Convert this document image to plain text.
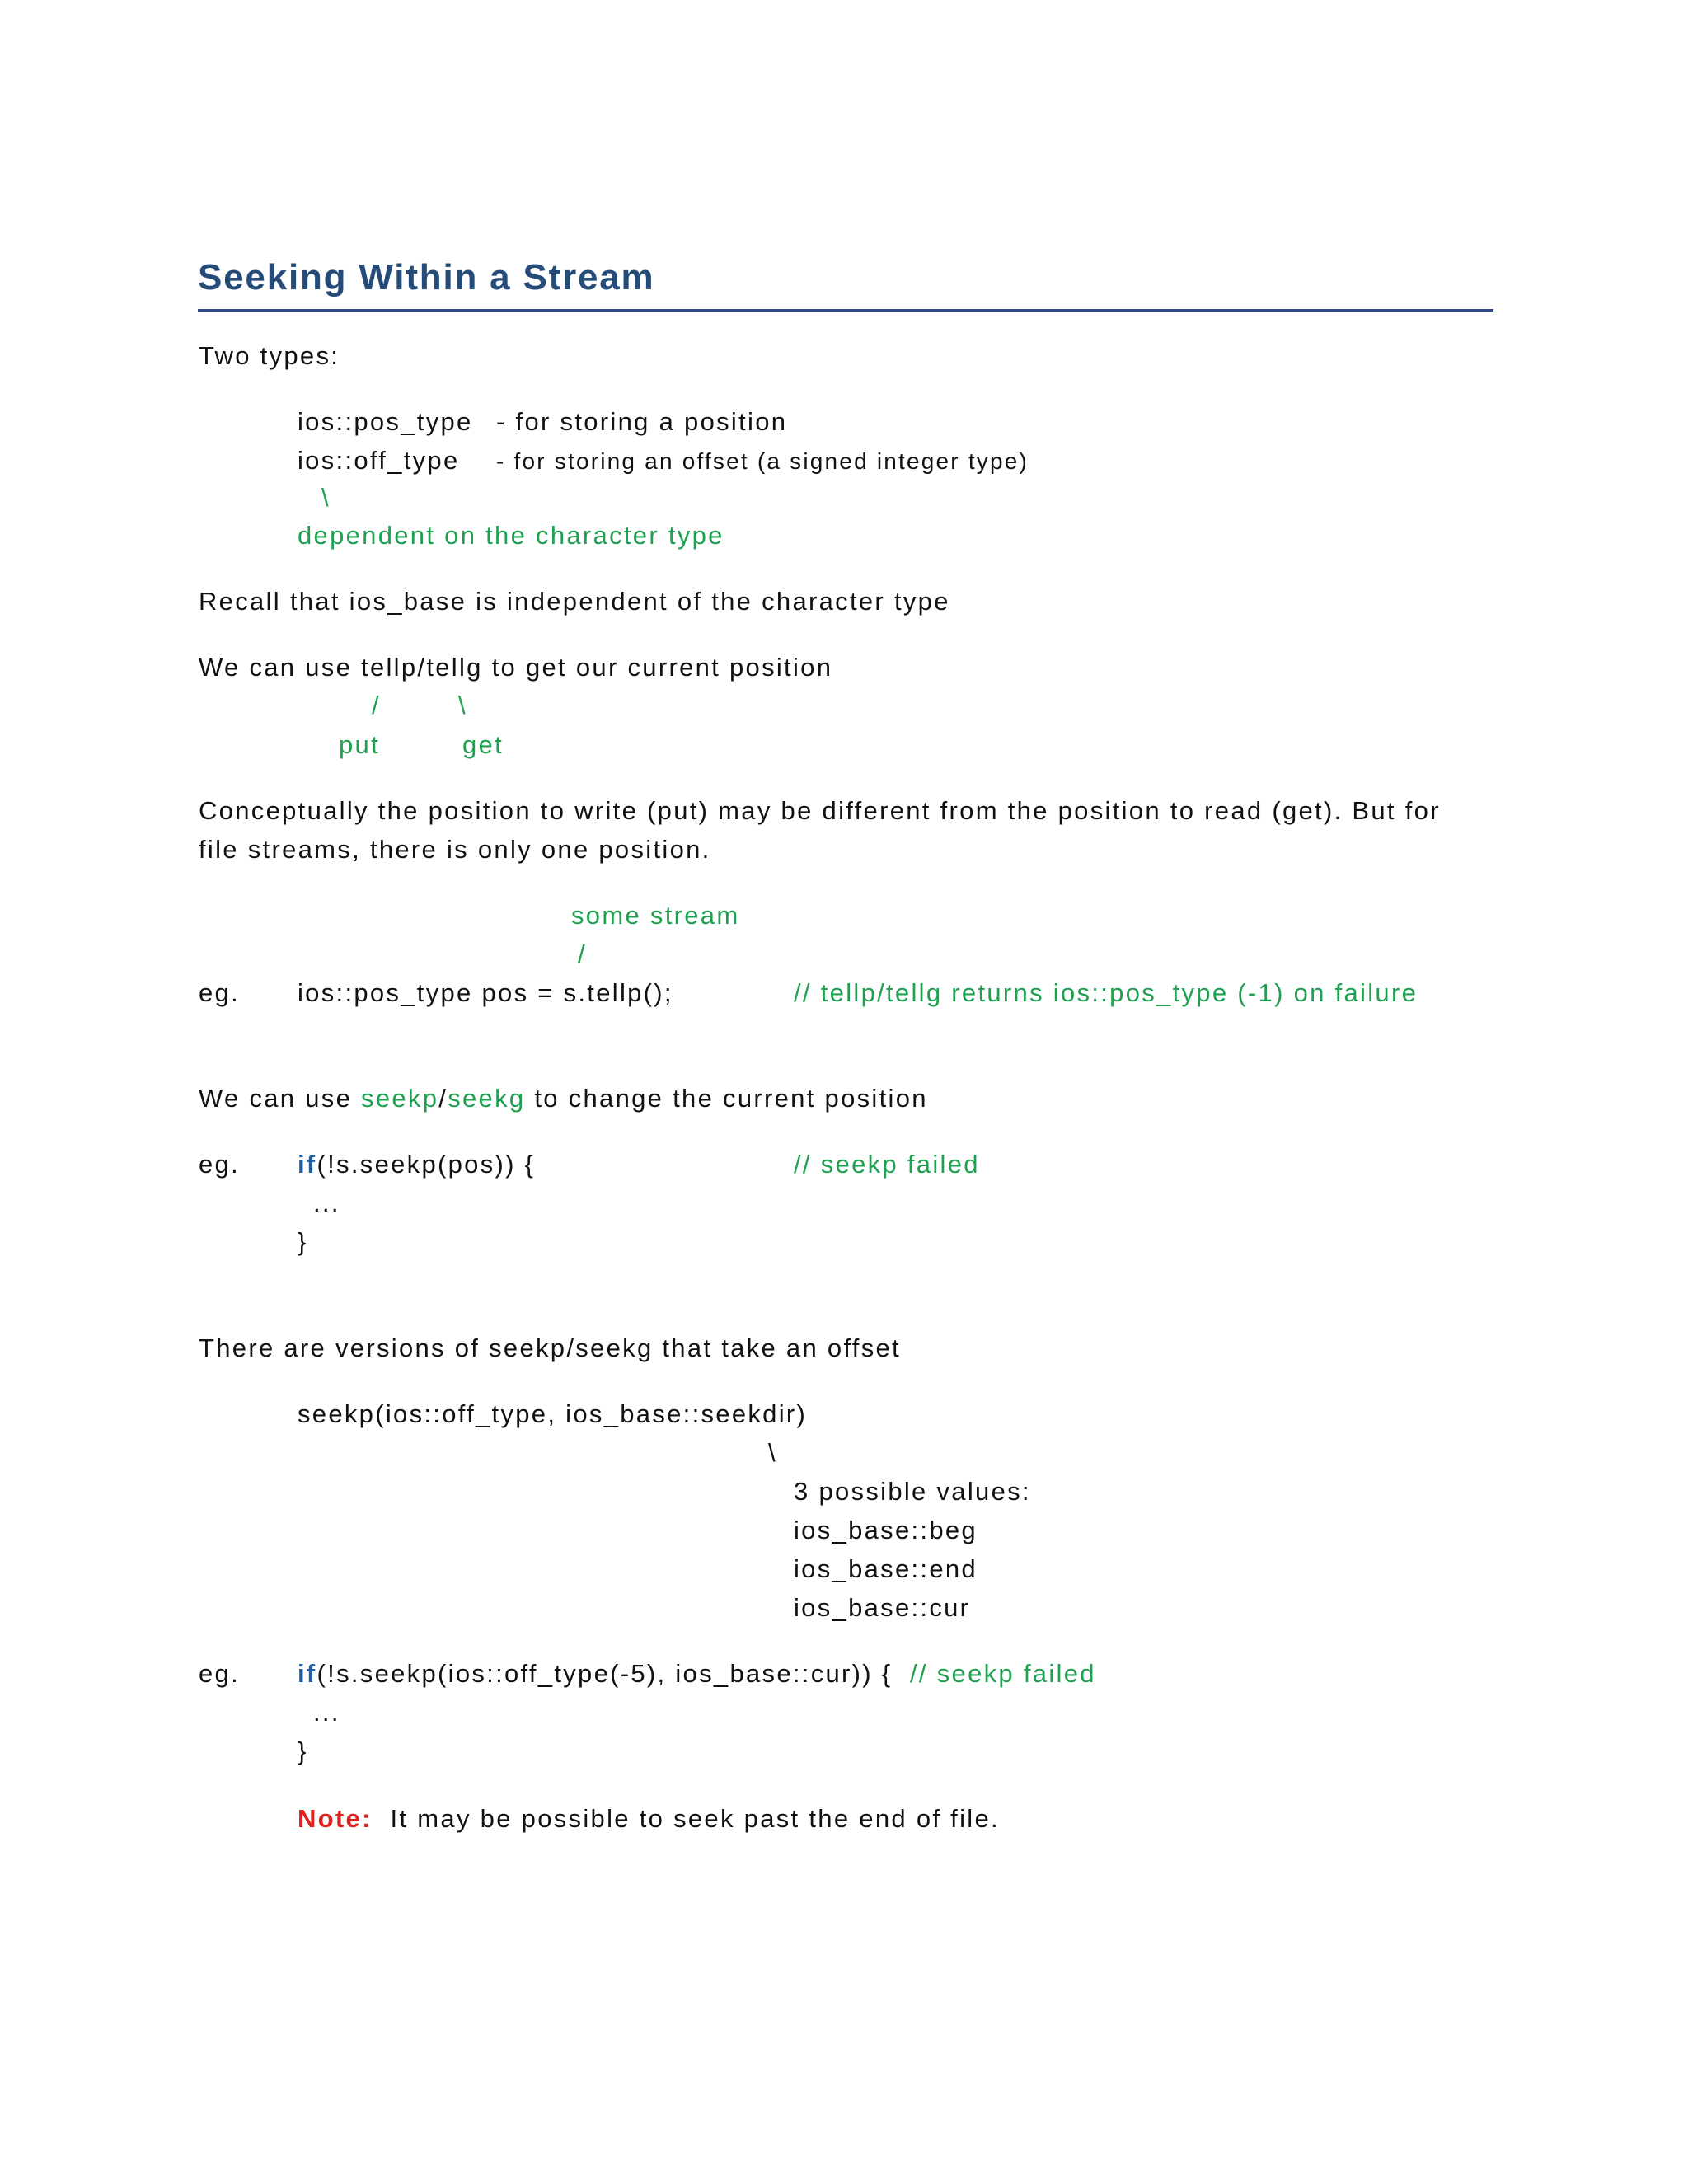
Seeking Within a Stream
Two types:
ios::pos_type - for storing a position
ios::off_type - for storing an offset (a signed integer type)
\
dependent on the character type
Recall that ios_base is independent of the character type
We can use tellp/tellg to get our current position
/	\
put	get
Conceptually the position to write (put) may be different from the position to read (get). But for
file streams, there is only one position.
some stream
/
eg. ios::pos_type pos = s.tellp();	// tellp/tellg returns ios::pos_type (-1) on failure
We can use seekp/seekg to change the current position
eg. if(!s.seekp(pos)) {	// seekp failed
...
}
There are versions of seekp/seekg that take an offset
seekp(ios::off_type, ios_base::seekdir)
\
3 possible values:
ios_base::beg
ios_base::end
ios_base::cur
eg. if(!s.seekp(ios::off_type(-5), ios_base::cur)) { // seekp failed
...
}
Note: It may be possible to seek past the end of file.
